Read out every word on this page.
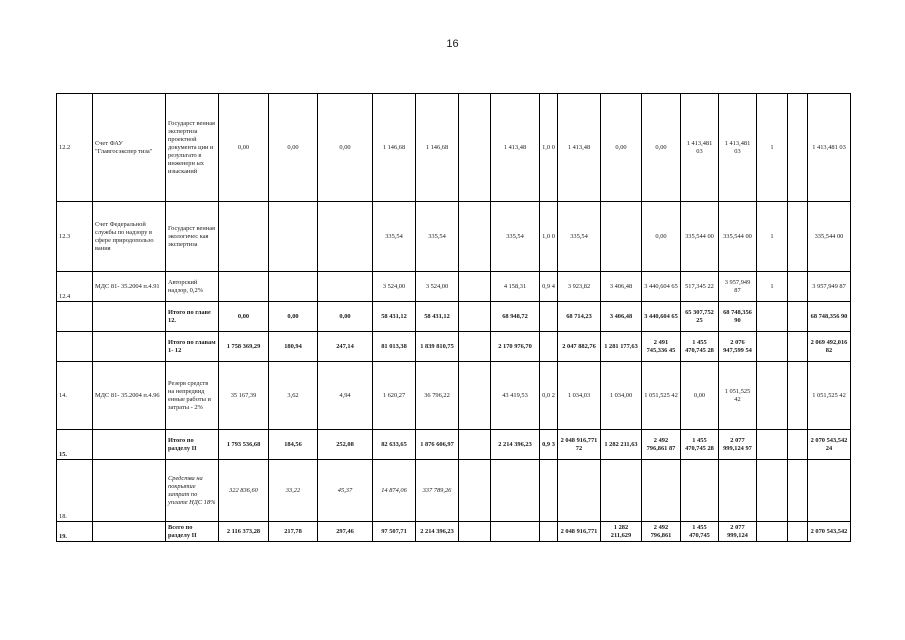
16
12.2	Счет ФАУ "Главгосэкспер тиза"	Государст венная экспертиза проектной документа ции и результато в инженерн ых изысканий	0,00	0,00	0,00	1 146,68	1 146,68		1 413,48	1,0 0	1 413,48	0,00	0,00	1 413,481 03	1 413,481 03	1		1 413,481 03
12.3	Счет Федеральной службы по надзору в сфере природопользо вания	Государст венная экологичес кая экспертиза				335,54	335,54		335,54	1,0 0	335,54		0,00	335,544 00	335,544 00	1		335,544 00
12.4	МДС 81- 35.2004 п.4.91	Авторский надзор, 0,2%				3 524,00	3 524,00		4 158,31	0,9 4	3 923,82	3 406,48	3 440,604 65	517,345 22	3 957,949 87	1		3 957,949 87
		Итого по главе 12.	0,00	0,00	0,00	58 431,12	58 431,12		68 948,72		68 714,23	3 406,48	3 440,604 65	65 307,752 25	68 748,356 90			68 748,356 90
		Итого по главам 1- 12	1 758 369,29	180,94	247,14	81 013,38	1 839 810,75		2 170 976,70		2 047 882,76	1 281 177,63	2 491 745,336 45	1 455 470,745 28	2 076 947,599 54			2 069 492,016 82
14.	МДС 81- 35.2004 п.4.96	Резерв средств на непредвид енные работы и затраты - 2%	35 167,39	3,62	4,94	1 620,27	36 796,22		43 419,53	0,0 2	1 034,03	1 034,00	1 051,525 42	0,00	1 051,525 42			1 051,525 42
15.		Итого по разделу II	1 793 536,68	184,56	252,08	82 633,65	1 876 606,97		2 214 396,23	0,9 3	2 048 916,771 72	1 282 211,63	2 492 796,861 87	1 455 470,745 28	2 077 999,124 97			2 070 543,542 24
18.		Средства на покрытие затрат по уплате НДС 18%	322 836,60	33,22	45,37	14 874,06	337 789,26											
19.		Всего по разделу II	2 116 373,28	217,78	297,46	97 507,71	2 214 396,23				2 048 916,771	1 282 211,629	2 492 796,861	1 455 470,745	2 077 999,124			2 070 543,542
